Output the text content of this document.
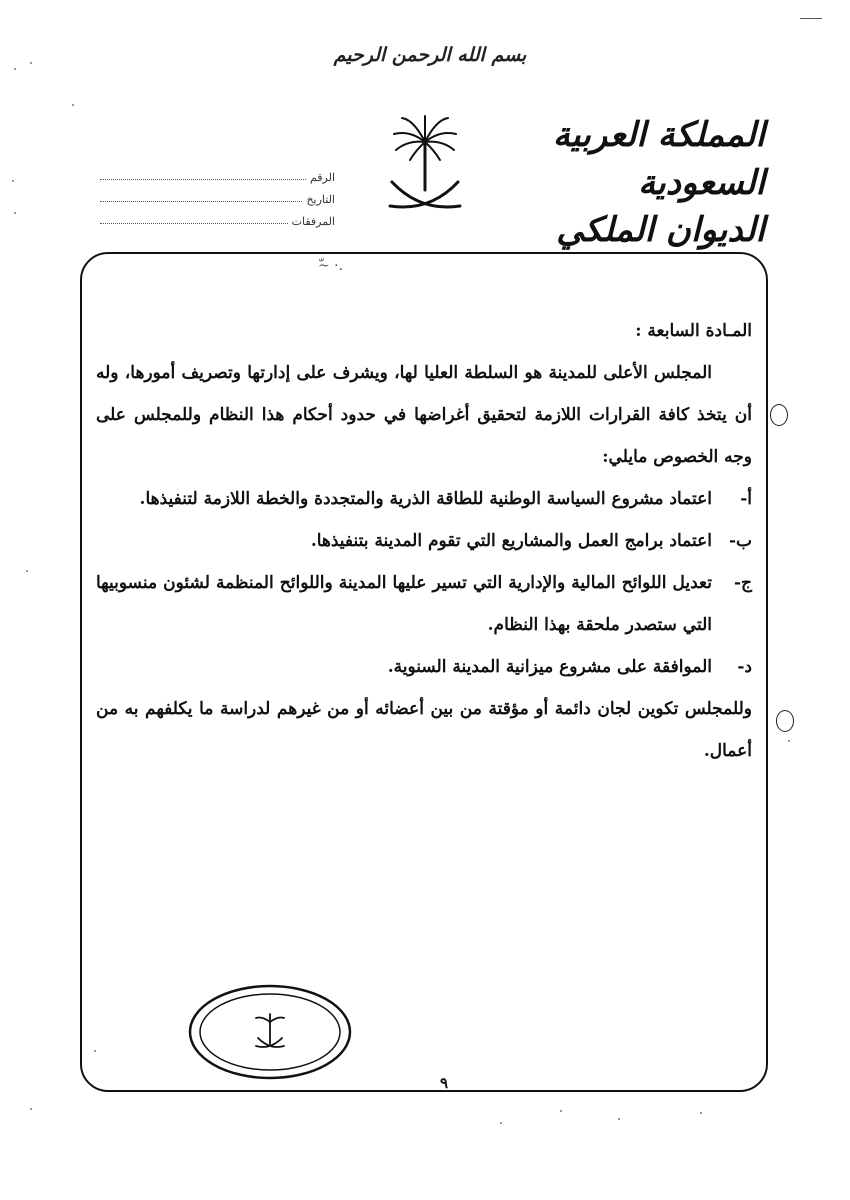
بسم الله الرحمن الرحيم
المملكة العربية السعودية
الديوان الملكي
الرقم
التاريخ
المرفقات
ّ~ ·.

المـادة السابعة :

المجلس الأعلى للمدينة هو السلطة العليا لها، ويشرف على إدارتها وتصريف أمورها، وله أن يتخذ كافة القرارات اللازمة لتحقيق أغراضها في حدود أحكام هذا النظام وللمجلس على وجه الخصوص مايلي:

أ-
اعتماد مشروع السياسة الوطنية للطاقة الذرية والمتجددة والخطة اللازمة لتنفيذها.
ب-
اعتماد برامج العمل والمشاريع التي تقوم المدينة بتنفيذها.
ج-
تعديل اللوائح المالية والإدارية التي تسير عليها المدينة واللوائح المنظمة لشئون منسوبيها التي ستصدر ملحقة بهذا النظام.
د-
الموافقة على مشروع ميزانية المدينة السنوية.

وللمجلس تكوين لجان دائمة أو مؤقتة من بين أعضائه أو من غيرهم لدراسة ما يكلفهم به من أعمال.

٩
